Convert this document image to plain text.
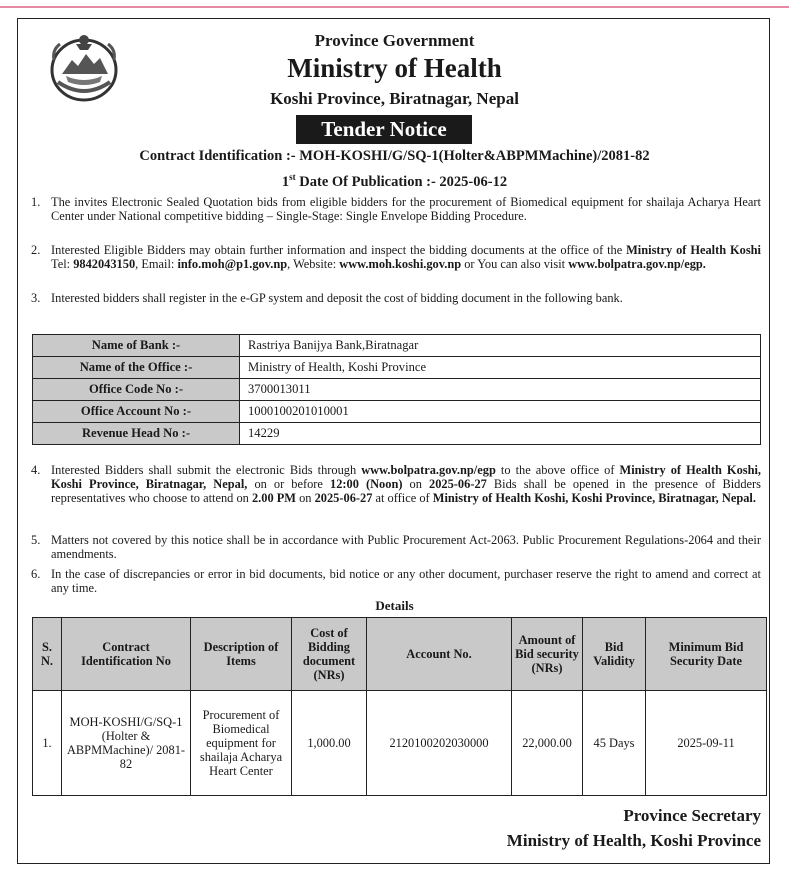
Province Government
Ministry of Health
Koshi Province, Biratnagar, Nepal
Tender Notice
Contract Identification :- MOH-KOSHI/G/SQ-1(Holter&ABPMMachine)/2081-82
1st Date Of Publication :- 2025-06-12
1. The invites Electronic Sealed Quotation bids from eligible bidders for the procurement of Biomedical equipment for shailaja Acharya Heart Center under National competitive bidding – Single-Stage: Single Envelope Bidding Procedure.
2. Interested Eligible Bidders may obtain further information and inspect the bidding documents at the office of the Ministry of Health Koshi Tel: 9842043150, Email: info.moh@p1.gov.np, Website: www.moh.koshi.gov.np or You can also visit www.bolpatra.gov.np/egp.
3. Interested bidders shall register in the e-GP system and deposit the cost of bidding document in the following bank.
Name of Bank :-	Rastriya Banijya Bank,Biratnagar
Name of the Office :-	Ministry of Health, Koshi Province
Office Code No :-	3700013011
Office Account No :-	1000100201010001
Revenue Head No :-	14229
4. Interested Bidders shall submit the electronic Bids through www.bolpatra.gov.np/egp to the above office of Ministry of Health Koshi, Koshi Province, Biratnagar, Nepal, on or before 12:00 (Noon) on 2025-06-27 Bids shall be opened in the presence of Bidders representatives who choose to attend on 2.00 PM on 2025-06-27 at office of Ministry of Health Koshi, Koshi Province, Biratnagar, Nepal.
5. Matters not covered by this notice shall be in accordance with Public Procurement Act-2063. Public Procurement Regulations-2064 and their amendments.
6. In the case of discrepancies or error in bid documents, bid notice or any other document, purchaser reserve the right to amend and correct at any time.
Details
S. N.	Contract Identification No	Description of Items	Cost of Bidding document (NRs)	Account No.	Amount of Bid security (NRs)	Bid Validity	Minimum Bid Security Date
1.	MOH-KOSHI/G/SQ-1 (Holter & ABPMMachine)/ 2081-82	Procurement of Biomedical equipment for shailaja Acharya Heart Center	1,000.00	2120100202030000	22,000.00	45 Days	2025-09-11
Province Secretary
Ministry of Health, Koshi Province
